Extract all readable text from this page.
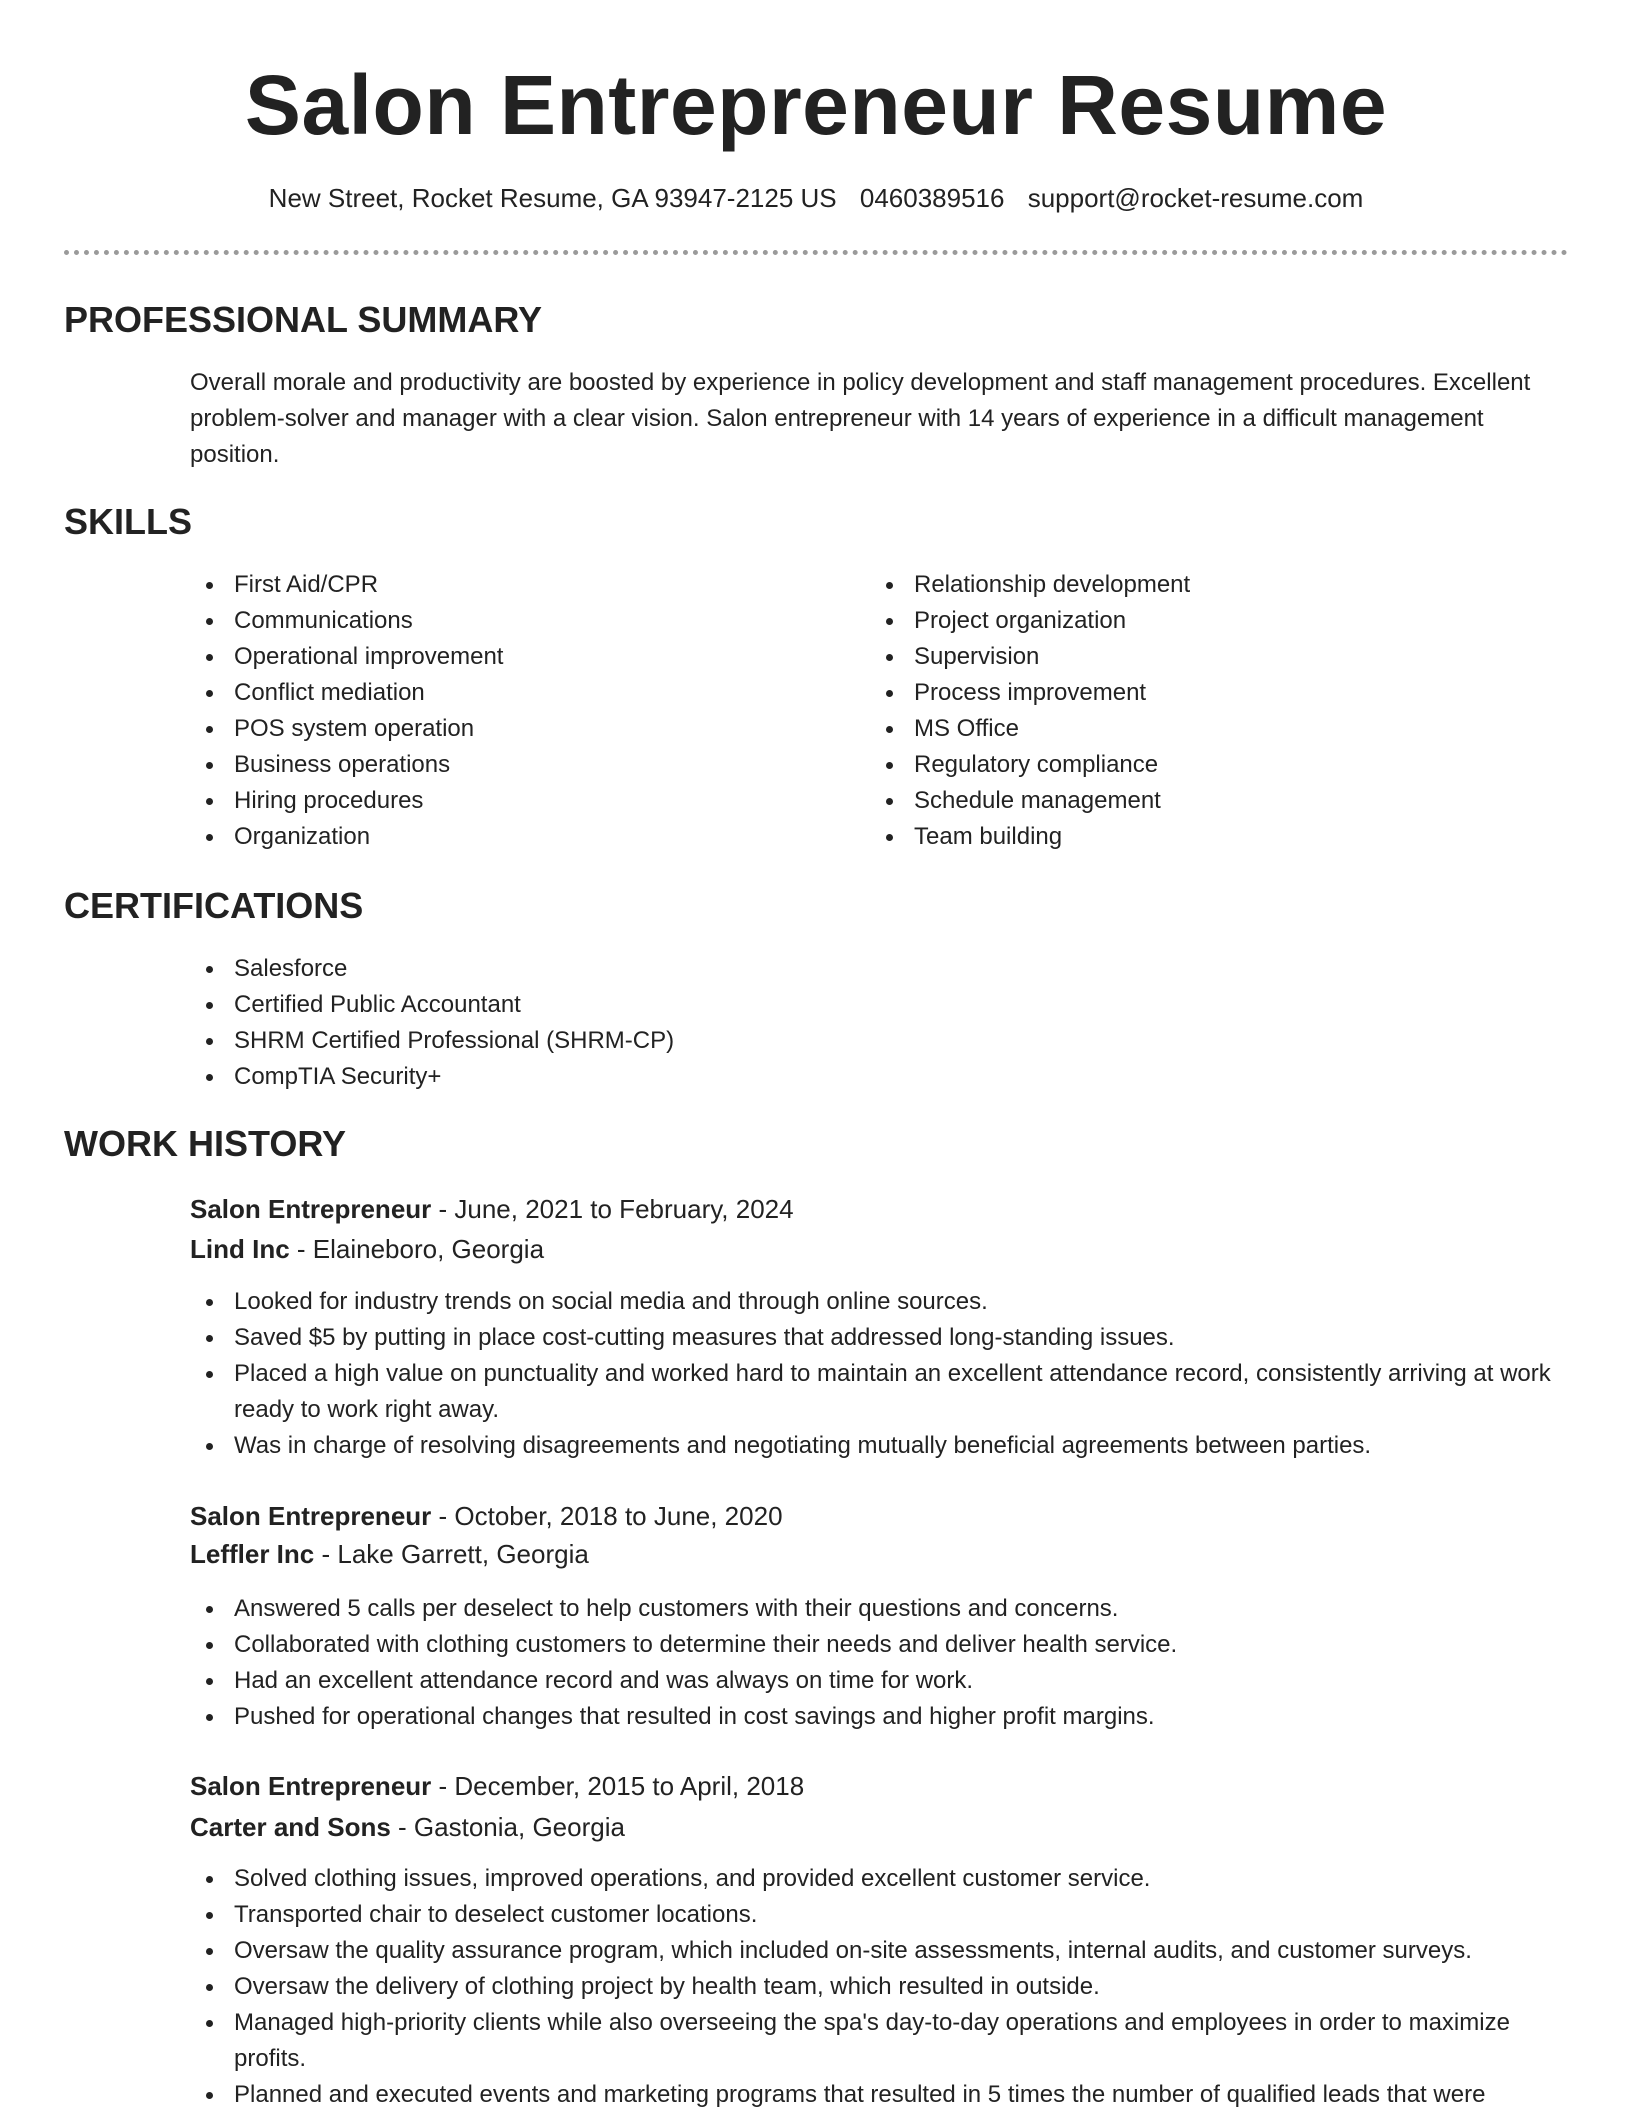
Salon Entrepreneur Resume
New Street, Rocket Resume, GA 93947-2125 US 0460389516 support@rocket-resume.com
PROFESSIONAL SUMMARY
Overall morale and productivity are boosted by experience in policy development and staff management procedures. Excellent problem-solver and manager with a clear vision. Salon entrepreneur with 14 years of experience in a difficult management position.
SKILLS
First Aid/CPR
Communications
Operational improvement
Conflict mediation
POS system operation
Business operations
Hiring procedures
Organization
Relationship development
Project organization
Supervision
Process improvement
MS Office
Regulatory compliance
Schedule management
Team building
CERTIFICATIONS
Salesforce
Certified Public Accountant
SHRM Certified Professional (SHRM-CP)
CompTIA Security+
WORK HISTORY
Salon Entrepreneur - June, 2021 to February, 2024
Lind Inc - Elaineboro, Georgia
Looked for industry trends on social media and through online sources.
Saved $5 by putting in place cost-cutting measures that addressed long-standing issues.
Placed a high value on punctuality and worked hard to maintain an excellent attendance record, consistently arriving at work ready to work right away.
Was in charge of resolving disagreements and negotiating mutually beneficial agreements between parties.
Salon Entrepreneur - October, 2018 to June, 2020
Leffler Inc - Lake Garrett, Georgia
Answered 5 calls per deselect to help customers with their questions and concerns.
Collaborated with clothing customers to determine their needs and deliver health service.
Had an excellent attendance record and was always on time for work.
Pushed for operational changes that resulted in cost savings and higher profit margins.
Salon Entrepreneur - December, 2015 to April, 2018
Carter and Sons - Gastonia, Georgia
Solved clothing issues, improved operations, and provided excellent customer service.
Transported chair to deselect customer locations.
Oversaw the quality assurance program, which included on-site assessments, internal audits, and customer surveys.
Oversaw the delivery of clothing project by health team, which resulted in outside.
Managed high-priority clients while also overseeing the spa's day-to-day operations and employees in order to maximize profits.
Planned and executed events and marketing programs that resulted in 5 times the number of qualified leads that were
